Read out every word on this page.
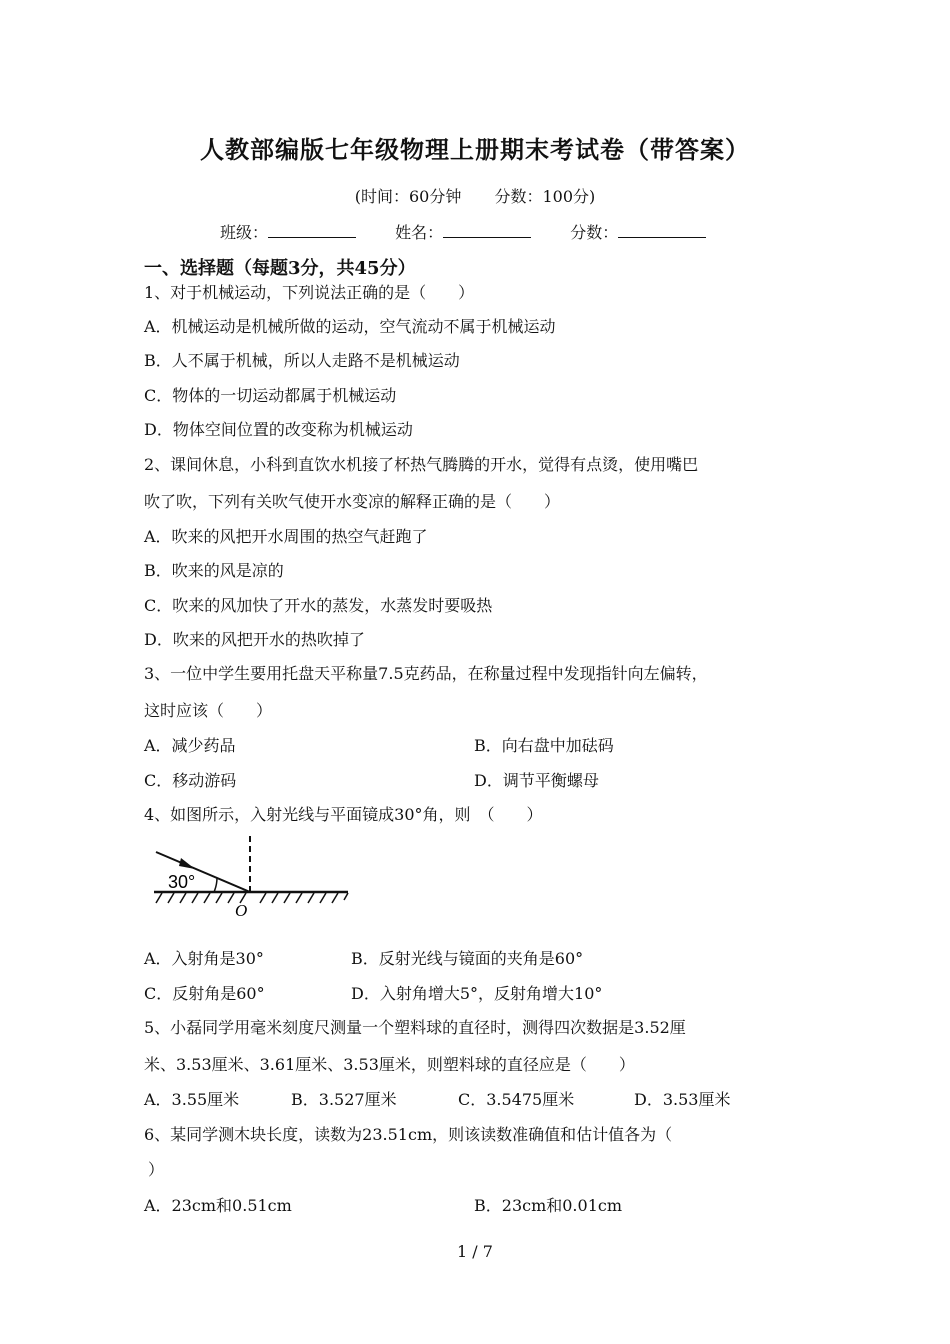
人教部编版七年级物理上册期末考试卷（带答案）
(时间：60分钟 分数：100分)
班级：	姓名：	分数：
一、选择题（每题3分，共45分）
1、对于机械运动，下列说法正确的是（　　）
A．机械运动是机械所做的运动，空气流动不属于机械运动
B．人不属于机械，所以人走路不是机械运动
C．物体的一切运动都属于机械运动
D．物体空间位置的改变称为机械运动
2、课间休息，小科到直饮水机接了杯热气腾腾的开水，觉得有点烫，使用嘴巴
吹了吹，下列有关吹气使开水变凉的解释正确的是（　　）
A．吹来的风把开水周围的热空气赶跑了
B．吹来的风是凉的
C．吹来的风加快了开水的蒸发，水蒸发时要吸热
D．吹来的风把开水的热吹掉了
3、一位中学生要用托盘天平称量7.5克药品，在称量过程中发现指针向左偏转，
这时应该（　　）
A．减少药品	B．向右盘中加砝码
C．移动游码	D．调节平衡螺母
4、如图所示，入射光线与平面镜成30°角，则　（　　）
30°
O
A．入射角是30°	B．反射光线与镜面的夹角是60°
C．反射角是60°	D．入射角增大5°，反射角增大10°
5、小磊同学用毫米刻度尺测量一个塑料球的直径时，测得四次数据是3.52厘
米、3.53厘米、3.61厘米、3.53厘米，则塑料球的直径应是（　　）
A．3.55厘米	B．3.527厘米	C．3.5475厘米	D．3.53厘米
6、某同学测木块长度，读数为23.51cm，则该读数准确值和估计值各为（
）
A．23cm和0.51cm	B．23cm和0.01cm
1 / 7
